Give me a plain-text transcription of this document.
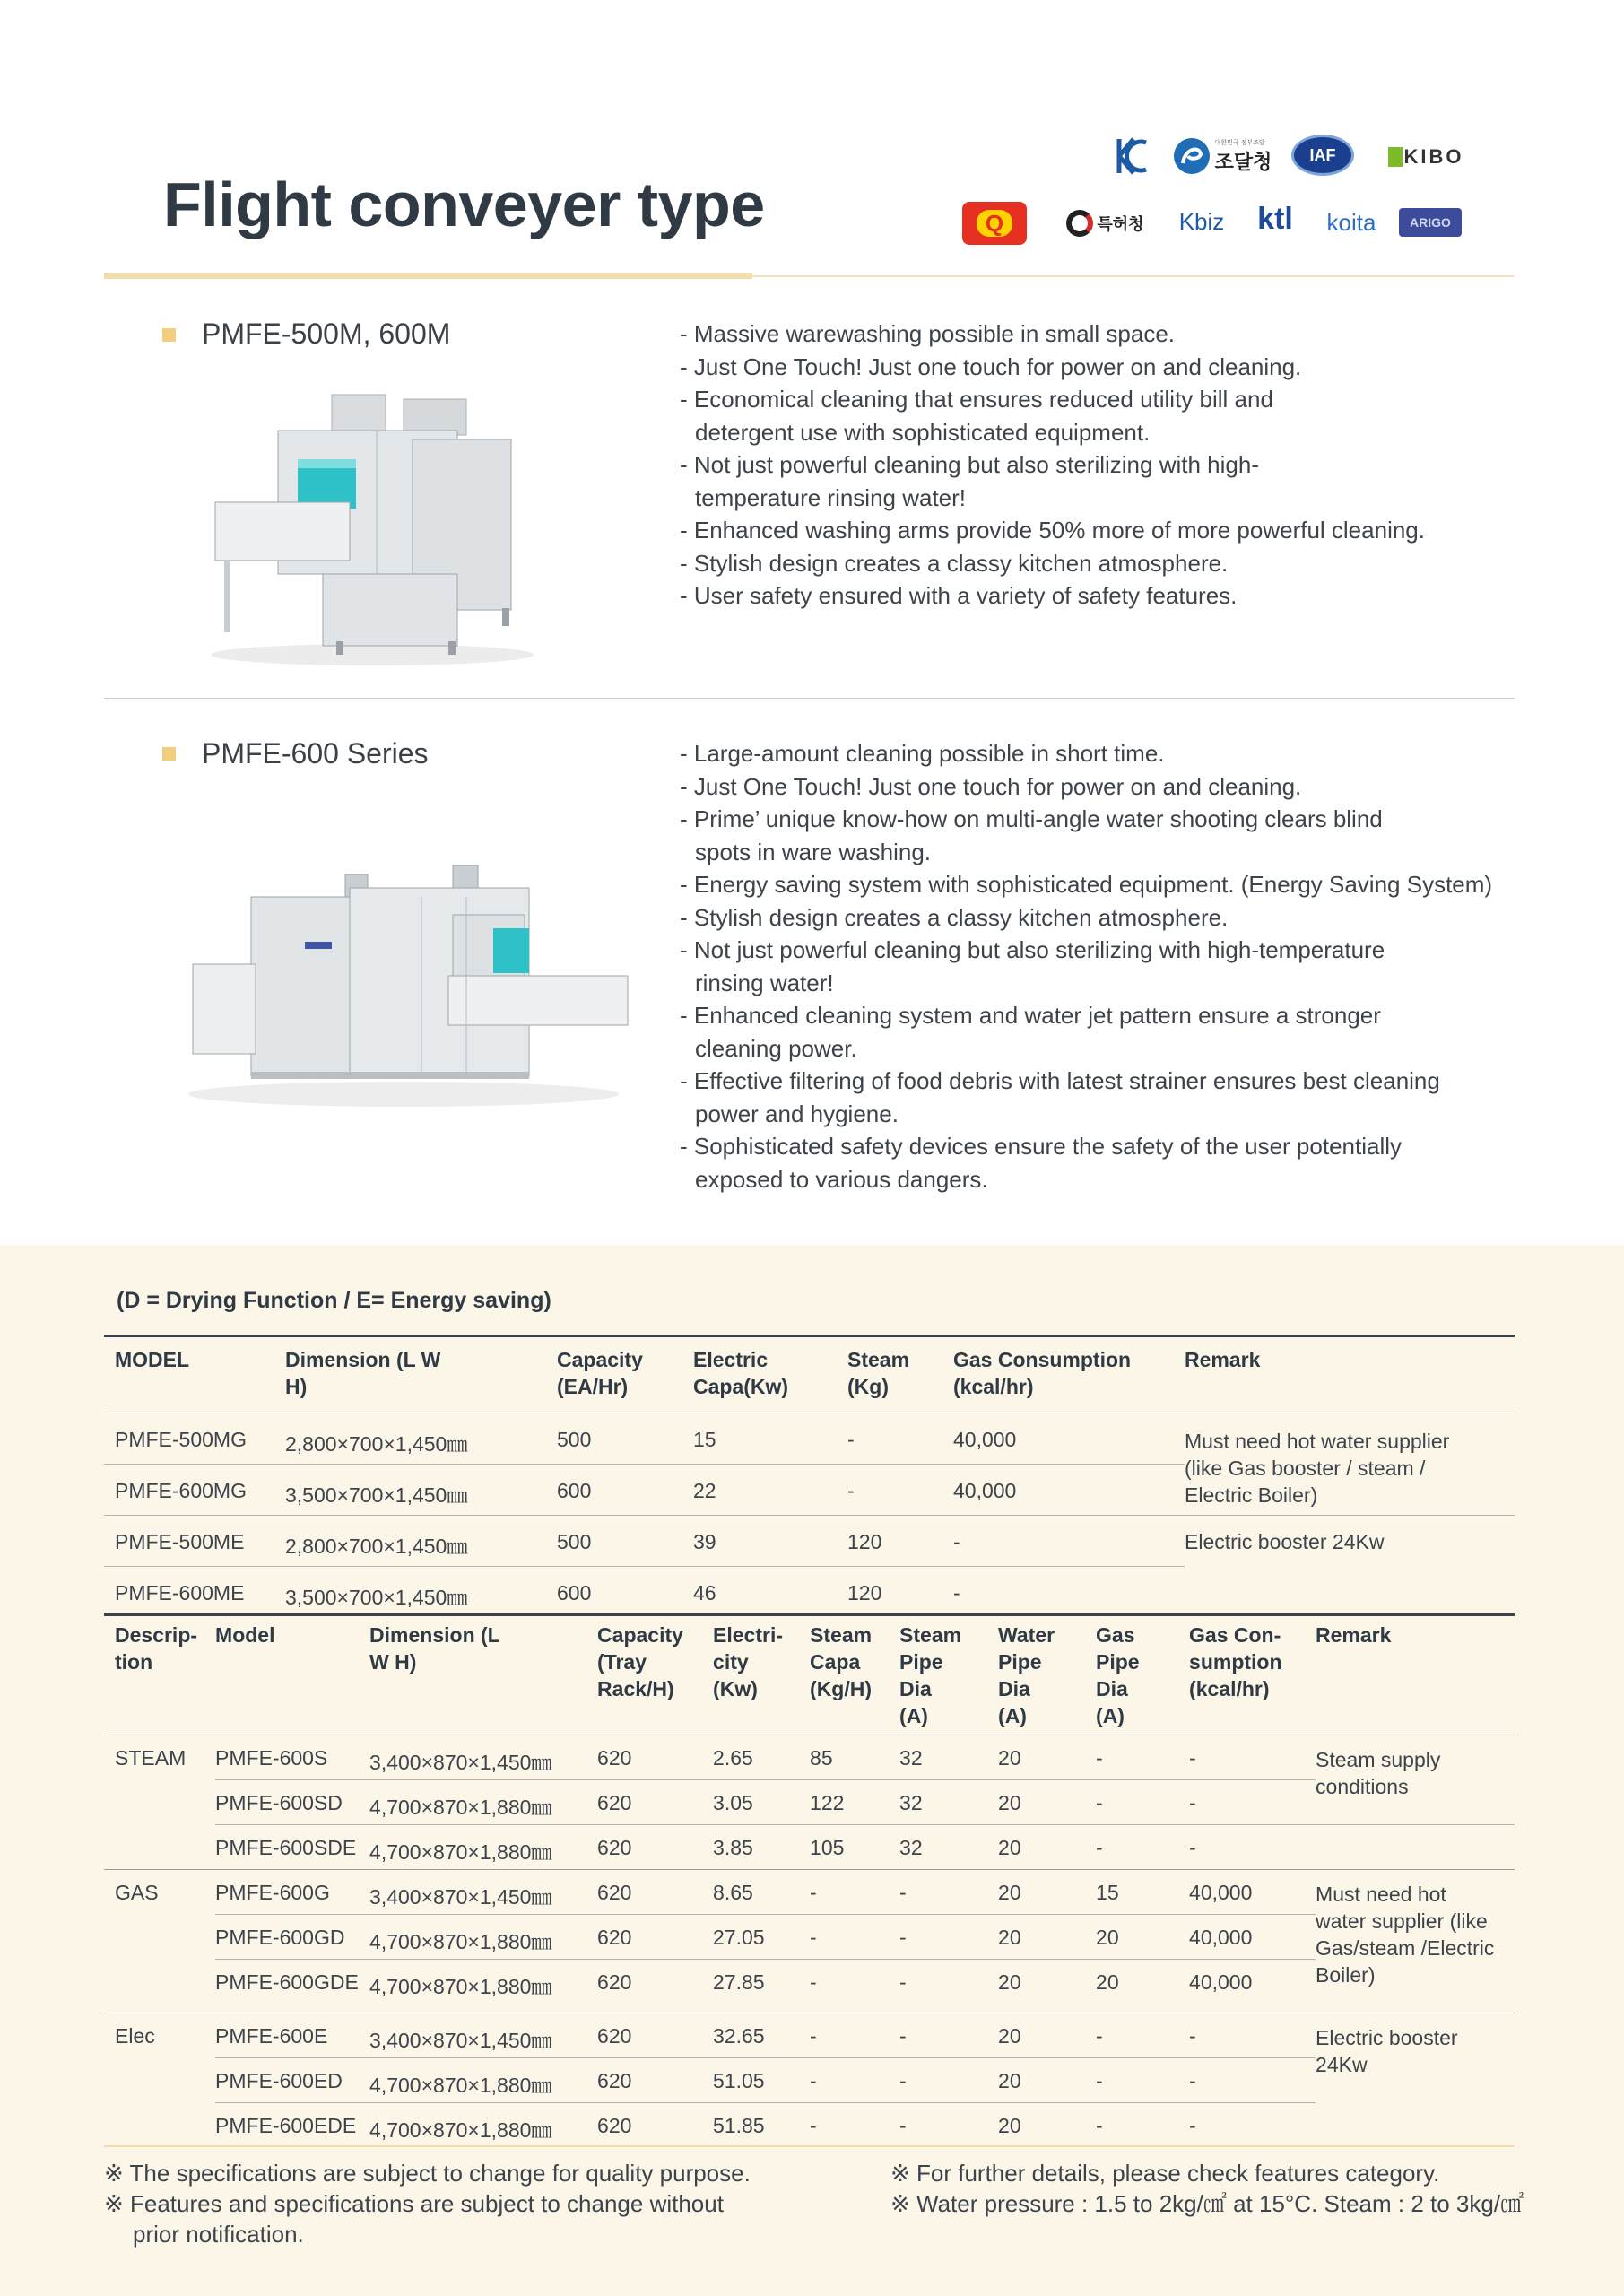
Flight conveyer type
대한민국 정부조달
조달청 IAF	KIBO
Q	특허청 Kbiz ktl koita	ARIGO
PMFE-500M, 600M	- Massive warewashing possible in small space.
- Just One Touch! Just one touch for power on and cleaning.
- Economical cleaning that ensures reduced utility bill and detergent use with sophisticated equipment.
- Not just powerful cleaning but also sterilizing with high-temperature rinsing water!
- Enhanced washing arms provide 50% more of more powerful cleaning.
- Stylish design creates a classy kitchen atmosphere.
- User safety ensured with a variety of safety features.
PMFE-600 Series	- Large-amount cleaning possible in short time.
- Just One Touch! Just one touch for power on and cleaning.
- Prime’ unique know-how on multi-angle water shooting clears blind spots in ware washing.
- Energy saving system with sophisticated equipment. (Energy Saving System)
- Stylish design creates a classy kitchen atmosphere.
- Not just powerful cleaning but also sterilizing with high-temperature rinsing water!
- Enhanced cleaning system and water jet pattern ensure a stronger cleaning power.
- Effective filtering of food debris with latest strainer ensures best cleaning power and hygiene.
- Sophisticated safety devices ensure the safety of the user potentially exposed to various dangers.
(D = Drying Function / E= Energy saving)
MODEL	Dimension (L W H)	Capacity (EA/Hr)	Electric Capa(Kw)	Steam (Kg)	Gas Consumption (kcal/hr)	Remark
PMFE-500MG	2,800×700×1,450㎜	500	15	-	40,000	Must need hot water supplier (like Gas booster / steam / Electric Boiler)
PMFE-600MG	3,500×700×1,450㎜	600	22	-	40,000	
PMFE-500ME	2,800×700×1,450㎜	500	39	120	-	Electric booster 24Kw
PMFE-600ME	3,500×700×1,450㎜	600	46	120	-	
Descrip-tion	Model	Dimension (L W H)	Capacity (Tray Rack/H)	Electri-city (Kw)	Steam Capa (Kg/H)	Steam Pipe Dia (A)	Water Pipe Dia (A)	Gas Pipe Dia (A)	Gas Con-sumption (kcal/hr)	Remark
STEAM	PMFE-600S	3,400×870×1,450㎜	620	2.65	85	32	20	-	-	Steam supply conditions
	PMFE-600SD	4,700×870×1,880㎜	620	3.05	122	32	20	-	-	
	PMFE-600SDE	4,700×870×1,880㎜	620	3.85	105	32	20	-	-	
GAS	PMFE-600G	3,400×870×1,450㎜	620	8.65	-	-	20	15	40,000	Must need hot water supplier (like Gas/steam /Electric Boiler)
	PMFE-600GD	4,700×870×1,880㎜	620	27.05	-	-	20	20	40,000	
	PMFE-600GDE	4,700×870×1,880㎜	620	27.85	-	-	20	20	40,000	
Elec	PMFE-600E	3,400×870×1,450㎜	620	32.65	-	-	20	-	-	Electric booster 24Kw
	PMFE-600ED	4,700×870×1,880㎜	620	51.05	-	-	20	-	-	
	PMFE-600EDE	4,700×870×1,880㎜	620	51.85	-	-	20	-	-	
※ The specifications are subject to change for quality purpose.
※ Features and specifications are subject to change without
prior notification.
※ For further details, please check features category.
※ Water pressure : 1.5 to 2kg/㎠ at 15°C. Steam : 2 to 3kg/㎠
